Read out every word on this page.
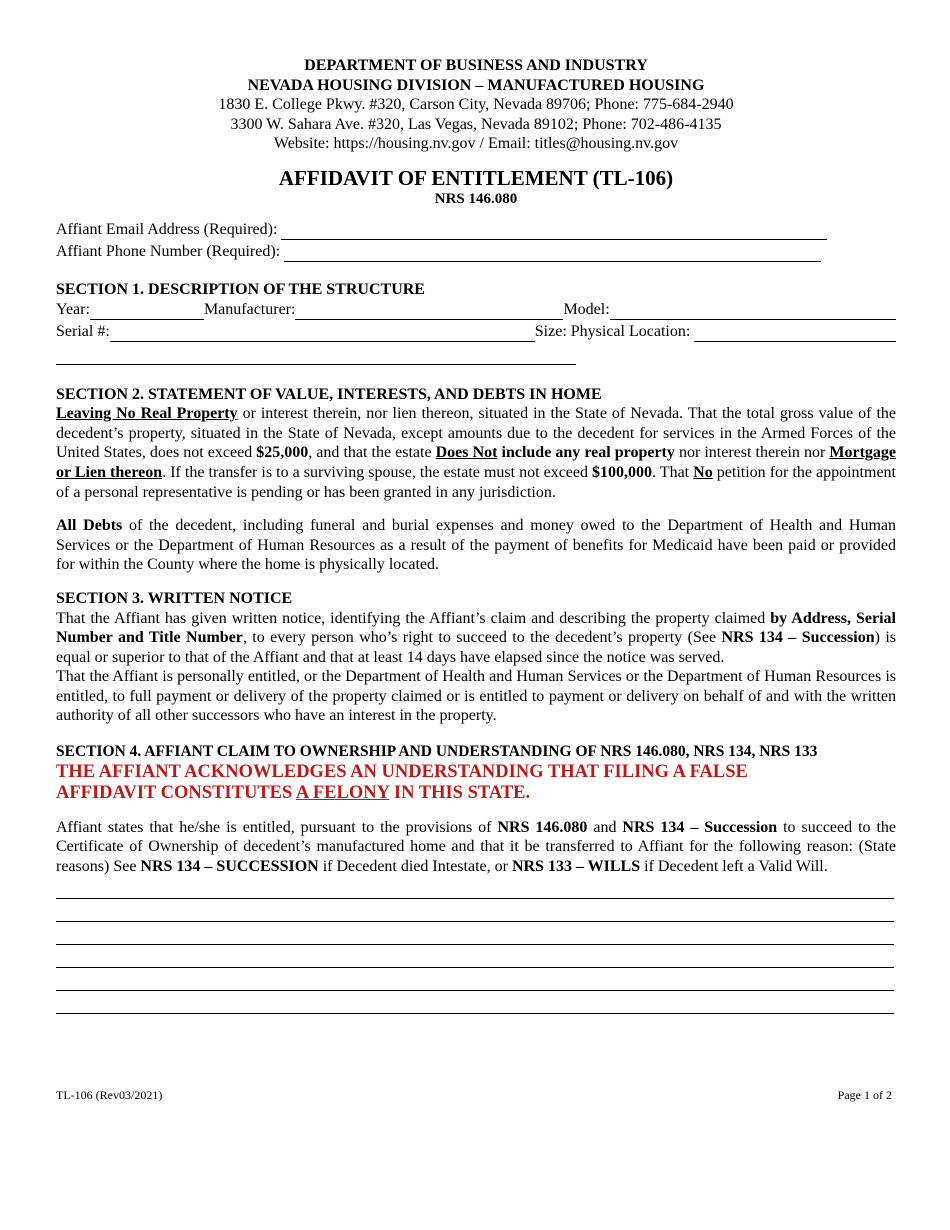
DEPARTMENT OF BUSINESS AND INDUSTRY
NEVADA HOUSING DIVISION – MANUFACTURED HOUSING
1830 E. College Pkwy. #320, Carson City, Nevada 89706; Phone: 775-684-2940
3300 W. Sahara Ave. #320, Las Vegas, Nevada 89102; Phone: 702-486-4135
Website: https://housing.nv.gov / Email: titles@housing.nv.gov
AFFIDAVIT OF ENTITLEMENT (TL-106)
NRS 146.080
Affiant Email Address (Required):
Affiant Phone Number (Required):
SECTION 1. DESCRIPTION OF THE STRUCTURE
Year:	Manufacturer:	Model:
Serial #:	Size: Physical Location:
SECTION 2. STATEMENT OF VALUE, INTERESTS, AND DEBTS IN HOME
Leaving No Real Property or interest therein, nor lien thereon, situated in the State of Nevada. That the total gross value of the decedent’s property, situated in the State of Nevada, except amounts due to the decedent for services in the Armed Forces of the United States, does not exceed $25,000, and that the estate Does Not include any real property nor interest therein nor Mortgage or Lien thereon. If the transfer is to a surviving spouse, the estate must not exceed $100,000. That No petition for the appointment of a personal representative is pending or has been granted in any jurisdiction.
All Debts of the decedent, including funeral and burial expenses and money owed to the Department of Health and Human Services or the Department of Human Resources as a result of the payment of benefits for Medicaid have been paid or provided for within the County where the home is physically located.
SECTION 3. WRITTEN NOTICE
That the Affiant has given written notice, identifying the Affiant’s claim and describing the property claimed by Address, Serial Number and Title Number, to every person who’s right to succeed to the decedent’s property (See NRS 134 – Succession) is equal or superior to that of the Affiant and that at least 14 days have elapsed since the notice was served.
That the Affiant is personally entitled, or the Department of Health and Human Services or the Department of Human Resources is entitled, to full payment or delivery of the property claimed or is entitled to payment or delivery on behalf of and with the written authority of all other successors who have an interest in the property.
SECTION 4. AFFIANT CLAIM TO OWNERSHIP AND UNDERSTANDING OF NRS 146.080, NRS 134, NRS 133
THE AFFIANT ACKNOWLEDGES AN UNDERSTANDING THAT FILING A FALSE AFFIDAVIT CONSTITUTES A FELONY IN THIS STATE.
Affiant states that he/she is entitled, pursuant to the provisions of NRS 146.080 and NRS 134 – Succession to succeed to the Certificate of Ownership of decedent’s manufactured home and that it be transferred to Affiant for the following reason: (State reasons) See NRS 134 – SUCCESSION if Decedent died Intestate, or NRS 133 – WILLS if Decedent left a Valid Will.
TL-106 (Rev03/2021)	Page 1 of 2
